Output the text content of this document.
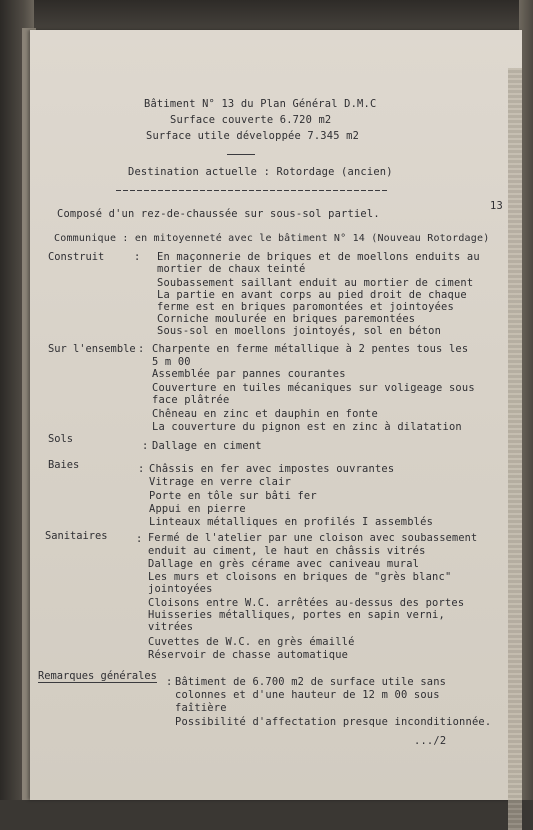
Bâtiment N° 13 du Plan Général D.M.C
Surface couverte 6.720 m2
Surface utile développée 7.345 m2
Destination actuelle : Rotordage (ancien)
13
Composé d'un rez-de-chaussée sur sous-sol partiel.
Communique : en mitoyenneté avec le bâtiment N° 14 (Nouveau Rotordage)
Construit	: En maçonnerie de briques et de moellons enduits au
mortier de chaux teinté
Soubassement saillant enduit au mortier de ciment
La partie en avant corps au pied droit de chaque
ferme est en briques paromontées et jointoyées
Corniche moulurée en briques paremontées
Sous-sol en moellons jointoyés, sol en béton
Sur l'ensemble : Charpente en ferme métallique à 2 pentes tous les
5 m 00
Assemblée par pannes courantes
Couverture en tuiles mécaniques sur voligeage sous
face plâtrée
Chêneau en zinc et dauphin en fonte
La couverture du pignon est en zinc à dilatation
Sols
: Dallage en ciment
Baies	: Châssis en fer avec impostes ouvrantes
Vitrage en verre clair
Porte en tôle sur bâti fer
Appui en pierre
Linteaux métalliques en profilés I assemblés
Sanitaires	: Fermé de l'atelier par une cloison avec soubassement
enduit au ciment, le haut en châssis vitrés
Dallage en grès cérame avec caniveau mural
Les murs et cloisons en briques de "grès blanc"
jointoyées
Cloisons entre W.C. arrêtées au-dessus des portes
Huisseries métalliques, portes en sapin verni,
vitrées
Cuvettes de W.C. en grès émaillé
Réservoir de chasse automatique
Remarques générales : Bâtiment de 6.700 m2 de surface utile sans
colonnes et d'une hauteur de 12 m 00 sous
faîtière
Possibilité d'affectation presque inconditionnée.
.../2
